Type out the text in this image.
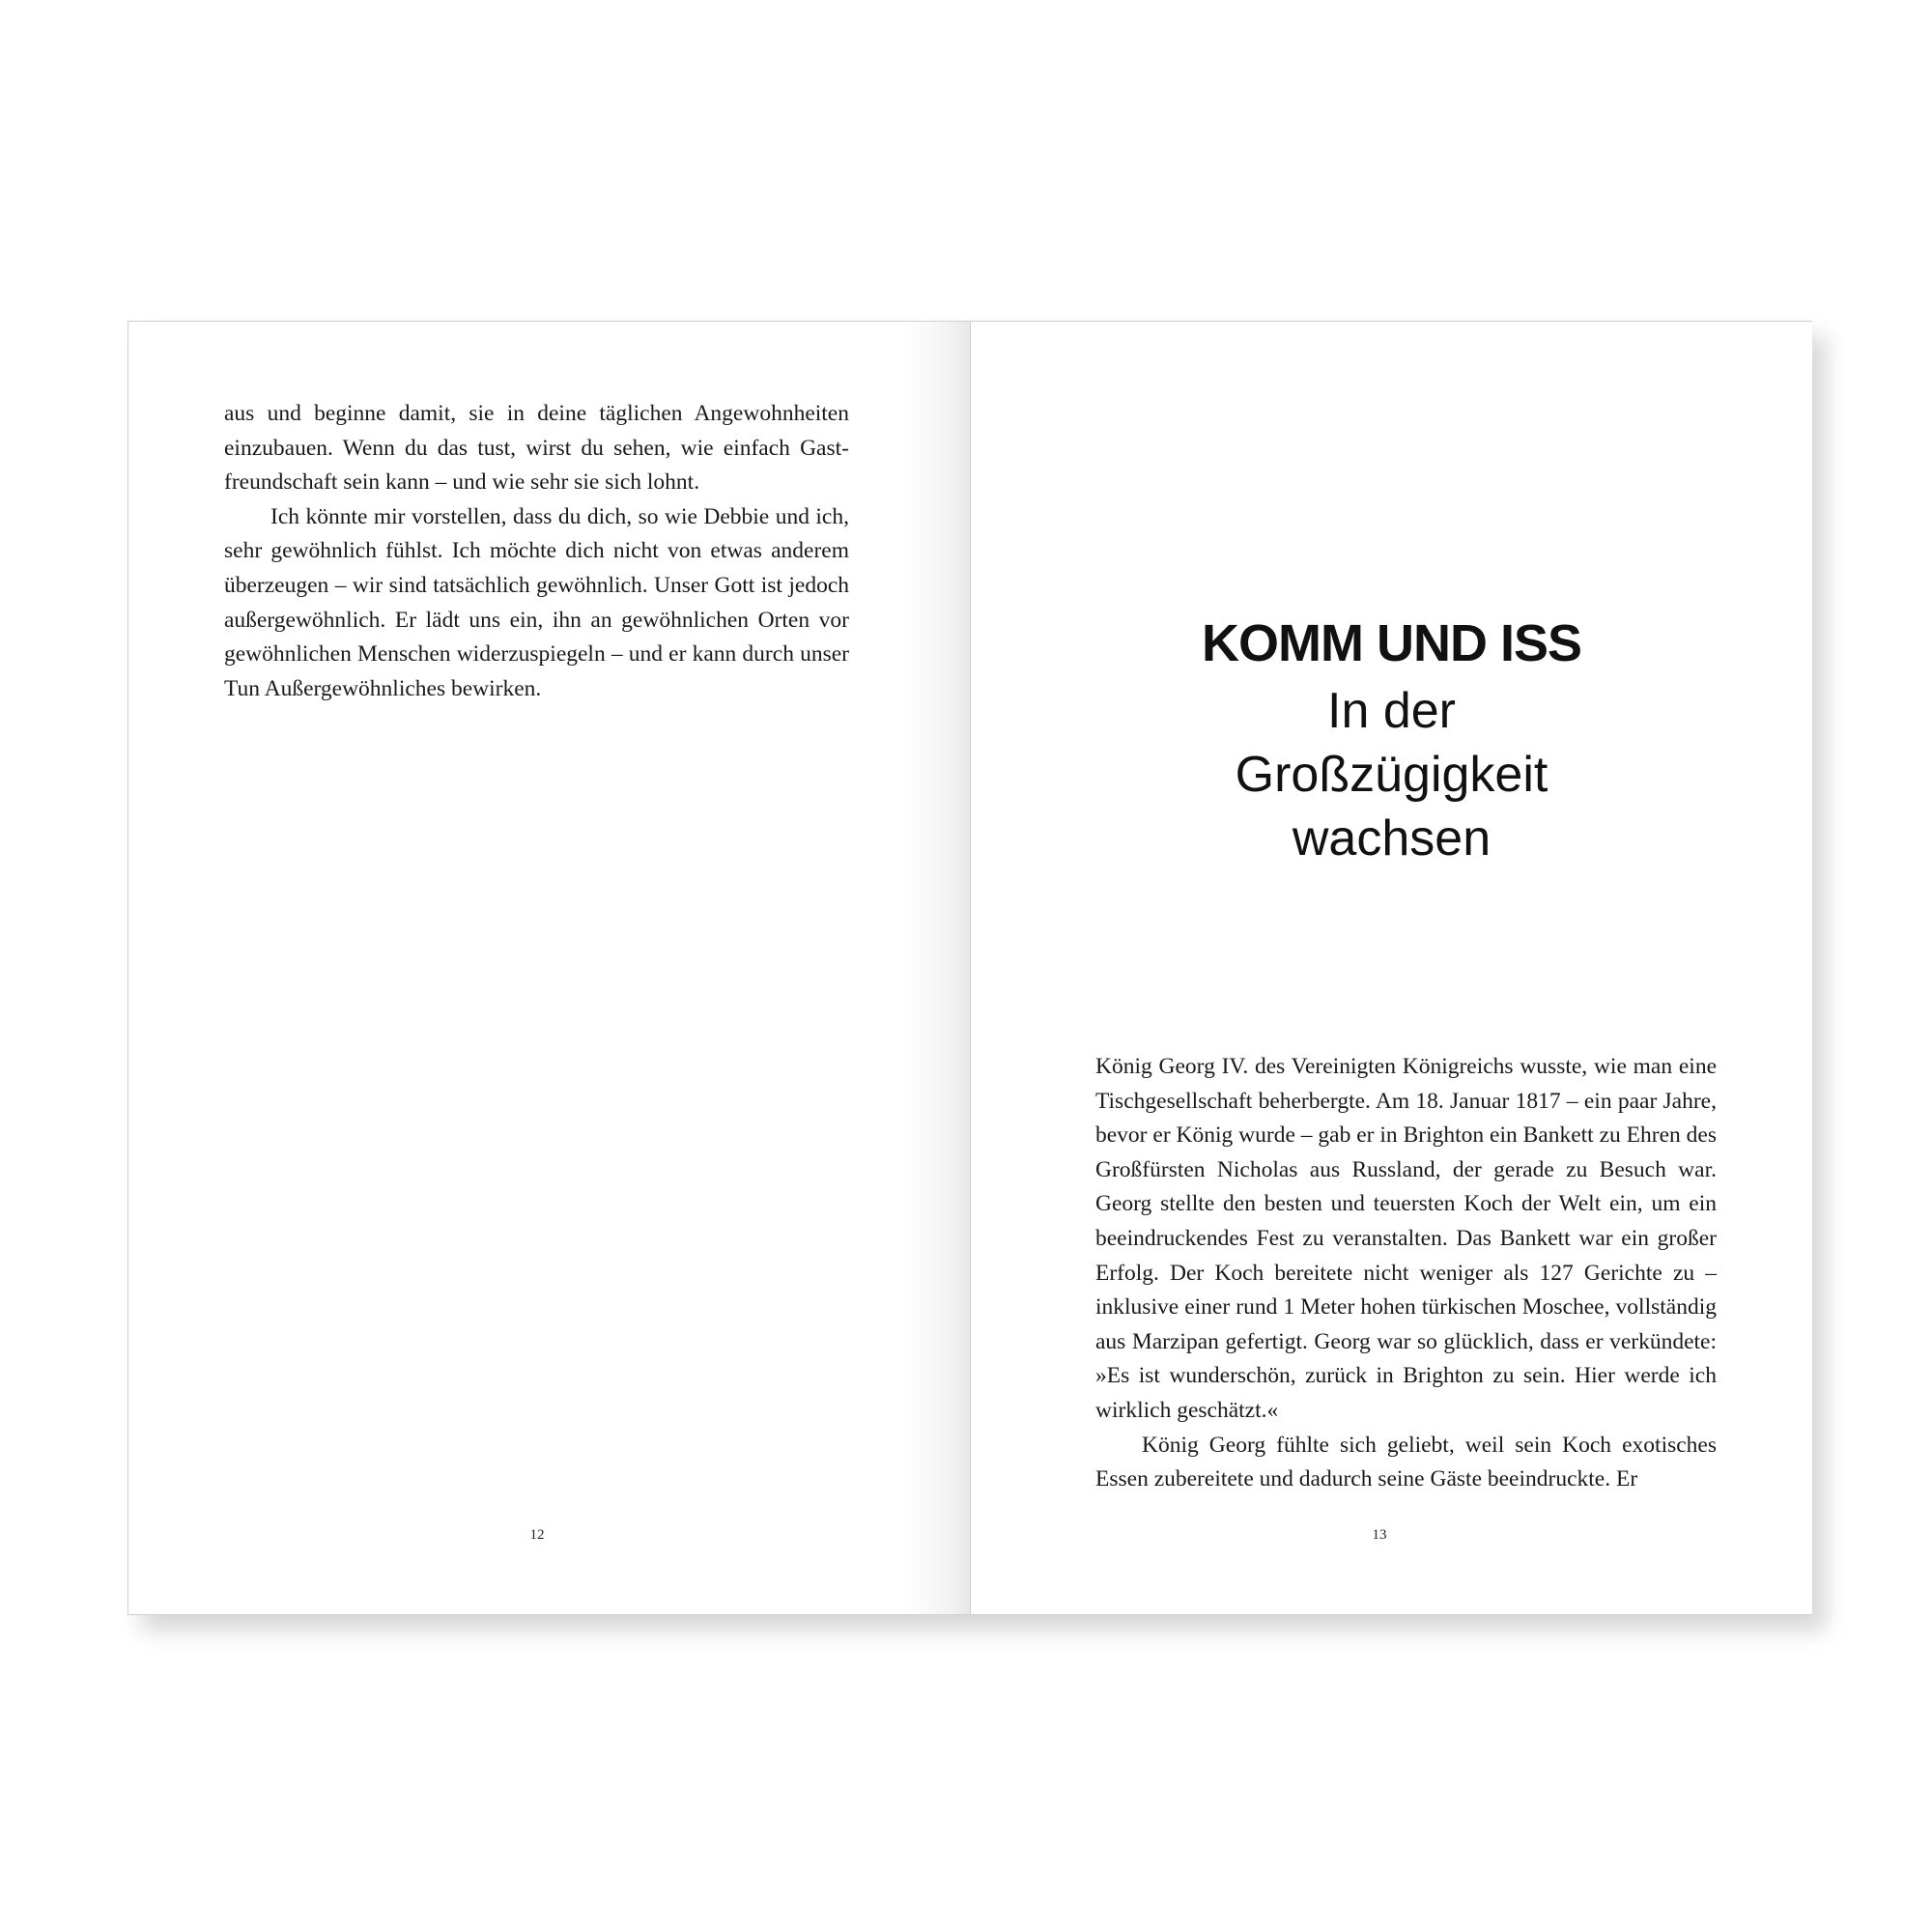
aus und beginne damit, sie in deine täglichen Angewohnheiten einzubauen. Wenn du das tust, wirst du sehen, wie einfach Gastfreundschaft sein kann – und wie sehr sie sich lohnt.

Ich könnte mir vorstellen, dass du dich, so wie Debbie und ich, sehr gewöhnlich fühlst. Ich möchte dich nicht von etwas anderem überzeugen – wir sind tatsächlich gewöhnlich. Unser Gott ist jedoch außergewöhnlich. Er lädt uns ein, ihn an gewöhnlichen Orten vor gewöhnlichen Menschen widerzuspiegeln – und er kann durch unser Tun Außergewöhnliches bewirken.

12
KOMM UND ISS
In der Großzügigkeit wachsen

König Georg IV. des Vereinigten Königreichs wusste, wie man eine Tischgesellschaft beherbergte. Am 18. Januar 1817 – ein paar Jahre, bevor er König wurde – gab er in Brighton ein Bankett zu Ehren des Großfürsten Nicholas aus Russland, der gerade zu Besuch war. Georg stellte den besten und teuersten Koch der Welt ein, um ein beeindruckendes Fest zu veranstalten. Das Bankett war ein großer Erfolg. Der Koch bereitete nicht weniger als 127 Gerichte zu – inklusive einer rund 1 Meter hohen türkischen Moschee, vollständig aus Marzipan gefertigt. Georg war so glücklich, dass er verkündete: »Es ist wunderschön, zurück in Brighton zu sein. Hier werde ich wirklich geschätzt.«

König Georg fühlte sich geliebt, weil sein Koch exotisches Essen zubereitete und dadurch seine Gäste beeindruckte. Er

13
